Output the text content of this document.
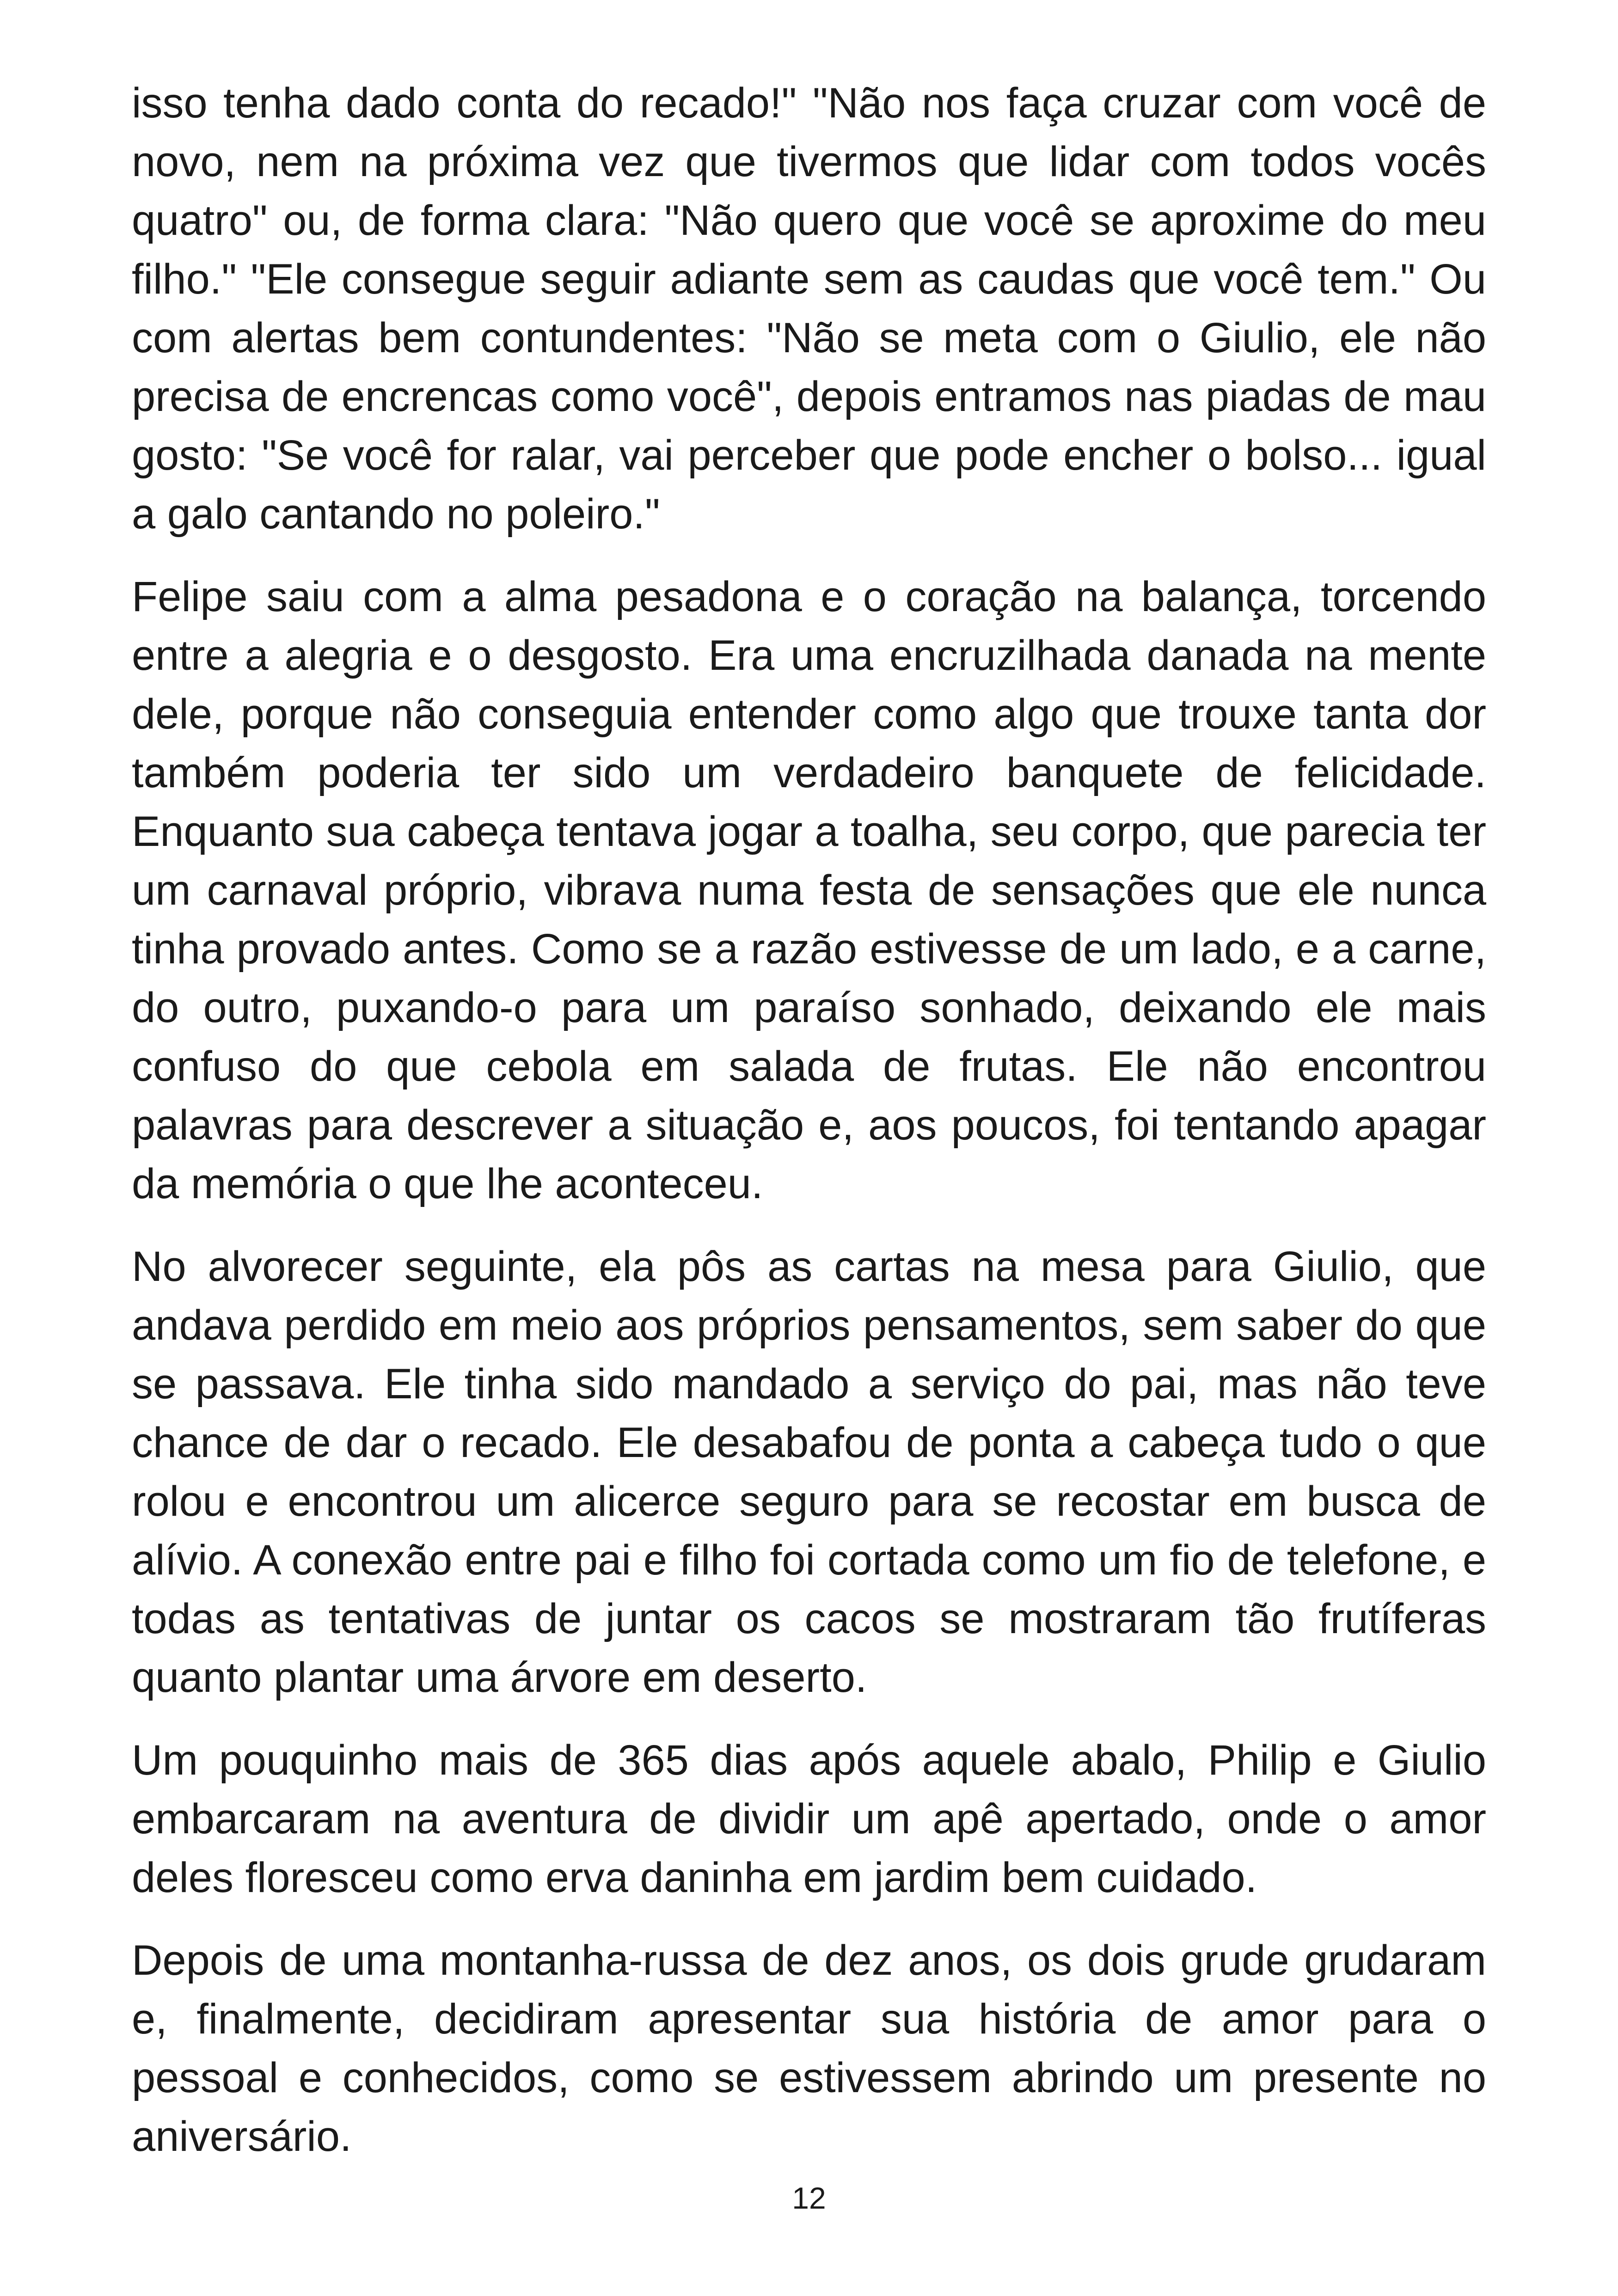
isso tenha dado conta do recado!" "Não nos faça cruzar com você de novo, nem na próxima vez que tivermos que lidar com todos vocês quatro" ou, de forma clara: "Não quero que você se aproxime do meu filho." "Ele consegue seguir adiante sem as caudas que você tem." Ou com alertas bem contundentes: "Não se meta com o Giulio, ele não precisa de encrencas como você", depois entramos nas piadas de mau gosto: "Se você for ralar, vai perceber que pode encher o bolso... igual a galo cantando no poleiro."

Felipe saiu com a alma pesadona e o coração na balança, torcendo entre a alegria e o desgosto. Era uma encruzilhada danada na mente dele, porque não conseguia entender como algo que trouxe tanta dor também poderia ter sido um verdadeiro banquete de felicidade. Enquanto sua cabeça tentava jogar a toalha, seu corpo, que parecia ter um carnaval próprio, vibrava numa festa de sensações que ele nunca tinha provado antes. Como se a razão estivesse de um lado, e a carne, do outro, puxando-o para um paraíso sonhado, deixando ele mais confuso do que cebola em salada de frutas. Ele não encontrou palavras para descrever a situação e, aos poucos, foi tentando apagar da memória o que lhe aconteceu.

No alvorecer seguinte, ela pôs as cartas na mesa para Giulio, que andava perdido em meio aos próprios pensamentos, sem saber do que se passava. Ele tinha sido mandado a serviço do pai, mas não teve chance de dar o recado. Ele desabafou de ponta a cabeça tudo o que rolou e encontrou um alicerce seguro para se recostar em busca de alívio. A conexão entre pai e filho foi cortada como um fio de telefone, e todas as tentativas de juntar os cacos se mostraram tão frutíferas quanto plantar uma árvore em deserto.

Um pouquinho mais de 365 dias após aquele abalo, Philip e Giulio embarcaram na aventura de dividir um apê apertado, onde o amor deles floresceu como erva daninha em jardim bem cuidado.

Depois de uma montanha-russa de dez anos, os dois grude grudaram e, finalmente, decidiram apresentar sua história de amor para o pessoal e conhecidos, como se estivessem abrindo um presente no aniversário.

12
